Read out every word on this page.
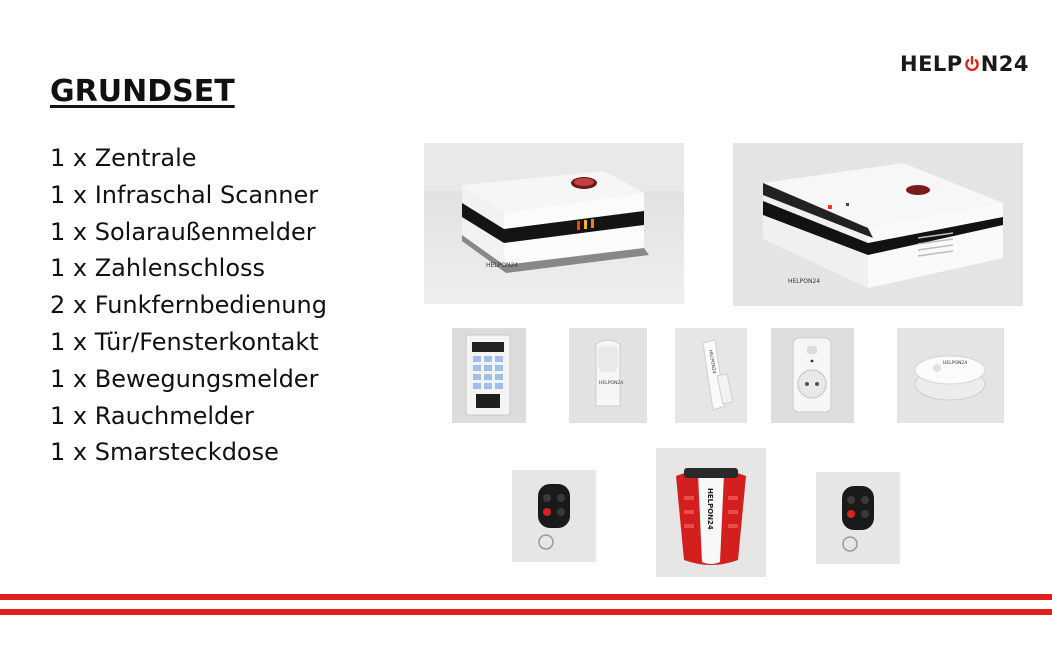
HELP N24
GRUNDSET
1 x Zentrale
1 x Infraschal Scanner
1 x Solaraußenmelder
1 x Zahlenschloss
2 x Funkfernbedienung
1 x Tür/Fensterkontakt
1 x Bewegungsmelder
1 x Rauchmelder
1 x Smarsteckdose
HELPON24
HELPON24
HELPON24
HELPON24	HELPON24
HELPON24
